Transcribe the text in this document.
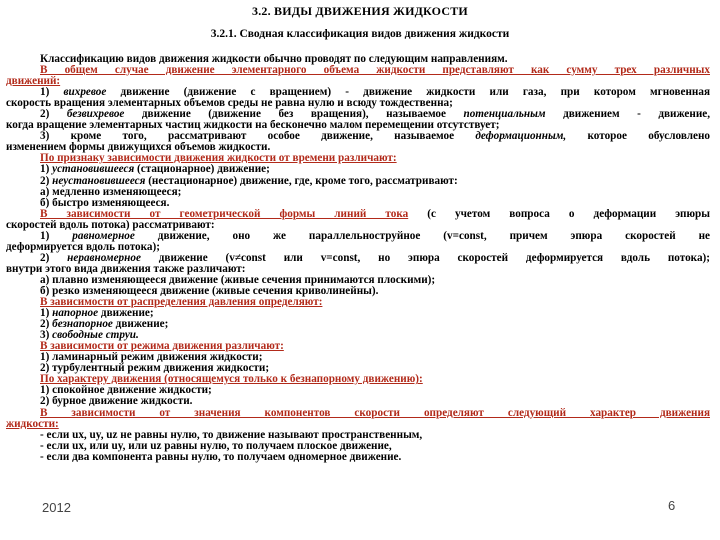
3.2. ВИДЫ ДВИЖЕНИЯ ЖИДКОСТИ
3.2.1. Сводная классификация видов движения жидкости
Классификацию видов движения жидкости обычно проводят по следующим направлениям.
В общем случае движение элементарного объема жидкости представляют как сумму трех различных
движений:
1) вихревое движение (движение с вращением) - движение жидкости или газа, при котором мгновенная
скорость вращения элементарных объемов среды не равна нулю и всюду тождественна;
2) безвихревое движение (движение без вращения), называемое потенциальным движением - движение,
когда вращение элементарных частиц жидкости на бесконечно малом перемещении отсутствует;
3) кроме того, рассматривают особое движение, называемое деформационным, которое обусловлено
изменением формы движущихся объемов жидкости.
По признаку зависимости движения жидкости от времени различают:
1) установившееся (стационарное) движение;
2) неустановившееся (нестационарное) движение, где, кроме того, рассматривают:
а) медленно изменяющееся;
б) быстро изменяющееся.
В зависимости от геометрической формы линий тока (с учетом вопроса о деформации эпюры
скоростей вдоль потока) рассматривают:
1) равномерное движение, оно же параллельноструйное (v=const, причем эпюра скоростей не
деформируется вдоль потока);
2) неравномерное движение (v≠const или v=const, но эпюра скоростей деформируется вдоль потока);
внутри этого вида движения также различают:
а) плавно изменяющееся движение (живые сечения принимаются плоскими);
б) резко изменяющееся движение (живые сечения криволинейны).
В зависимости от распределения давления определяют:
1) напорное движение;
2) безнапорное движение;
3) свободные струи.
В зависимости от режима движения различают:
1) ламинарный режим движения жидкости;
2) турбулентный режим движения жидкости;
По характеру движения (относящемуся только к безнапорному движению):
1) спокойное движение жидкости;
2) бурное движение жидкости.
В зависимости от значения компонентов скорости определяют следующий характер движения
жидкости:
- если ux, uy, uz не равны нулю, то движение называют пространственным,
- если ux, или uy, или uz равны нулю, то получаем плоское движение,
- если два компонента равны нулю, то получаем одномерное движение.
2012	6
